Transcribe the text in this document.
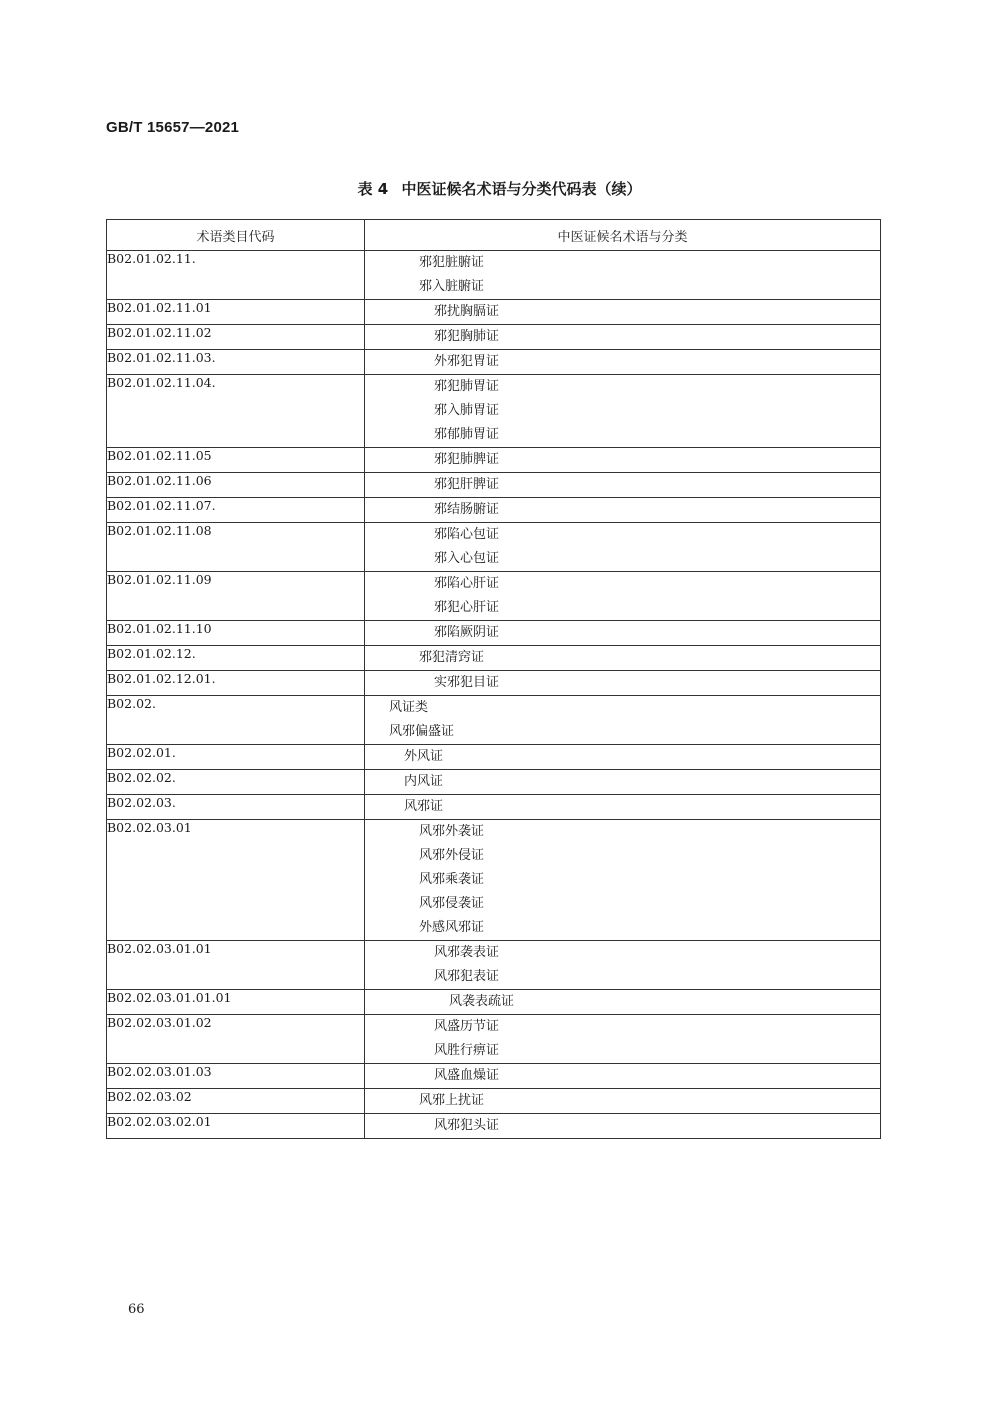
GB/T 15657—2021
表 4 中医证候名术语与分类代码表（续）
术语类目代码	中医证候名术语与分类
B02.01.02.11.	邪犯脏腑证
邪入脏腑证

B02.01.02.11.01	邪扰胸膈证

B02.01.02.11.02	邪犯胸肺证

B02.01.02.11.03.	外邪犯胃证

B02.01.02.11.04.	邪犯肺胃证
邪入肺胃证
邪郁肺胃证

B02.01.02.11.05	邪犯肺脾证

B02.01.02.11.06	邪犯肝脾证

B02.01.02.11.07.	邪结肠腑证

B02.01.02.11.08	邪陷心包证
邪入心包证

B02.01.02.11.09	邪陷心肝证
邪犯心肝证

B02.01.02.11.10	邪陷厥阴证

B02.01.02.12.	邪犯清窍证

B02.01.02.12.01.	实邪犯目证

B02.02.	风证类
风邪偏盛证

B02.02.01.	外风证

B02.02.02.	内风证

B02.02.03.	风邪证

B02.02.03.01	风邪外袭证
风邪外侵证
风邪乘袭证
风邪侵袭证
外感风邪证

B02.02.03.01.01	风邪袭表证
风邪犯表证

B02.02.03.01.01.01	风袭表疏证

B02.02.03.01.02	风盛历节证
风胜行痹证

B02.02.03.01.03	风盛血燥证

B02.02.03.02	风邪上扰证

B02.02.03.02.01	风邪犯头证
66
